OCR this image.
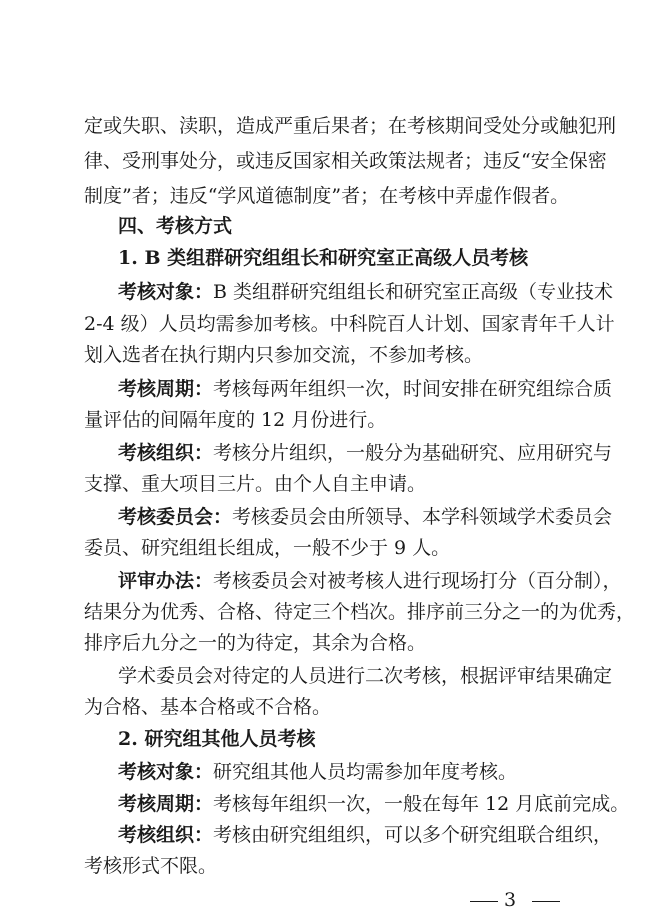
定或失职、渎职，造成严重后果者；在考核期间受处分或触犯刑
律、受刑事处分，或违反国家相关政策法规者；违反“安全保密
制度”者；违反“学风道德制度”者；在考核中弄虚作假者。
四、考核方式
1. B 类组群研究组组长和研究室正高级人员考核
考核对象：B 类组群研究组组长和研究室正高级（专业技术
2-4 级）人员均需参加考核。中科院百人计划、国家青年千人计
划入选者在执行期内只参加交流，不参加考核。
考核周期：考核每两年组织一次，时间安排在研究组综合质
量评估的间隔年度的 12 月份进行。
考核组织：考核分片组织，一般分为基础研究、应用研究与
支撑、重大项目三片。由个人自主申请。
考核委员会：考核委员会由所领导、本学科领域学术委员会
委员、研究组组长组成，一般不少于 9 人。
评审办法：考核委员会对被考核人进行现场打分（百分制），
结果分为优秀、合格、待定三个档次。排序前三分之一的为优秀，
排序后九分之一的为待定，其余为合格。
学术委员会对待定的人员进行二次考核，根据评审结果确定
为合格、基本合格或不合格。
2. 研究组其他人员考核
考核对象：研究组其他人员均需参加年度考核。
考核周期：考核每年组织一次，一般在每年 12 月底前完成。
考核组织：考核由研究组组织，可以多个研究组联合组织，
考核形式不限。
3
